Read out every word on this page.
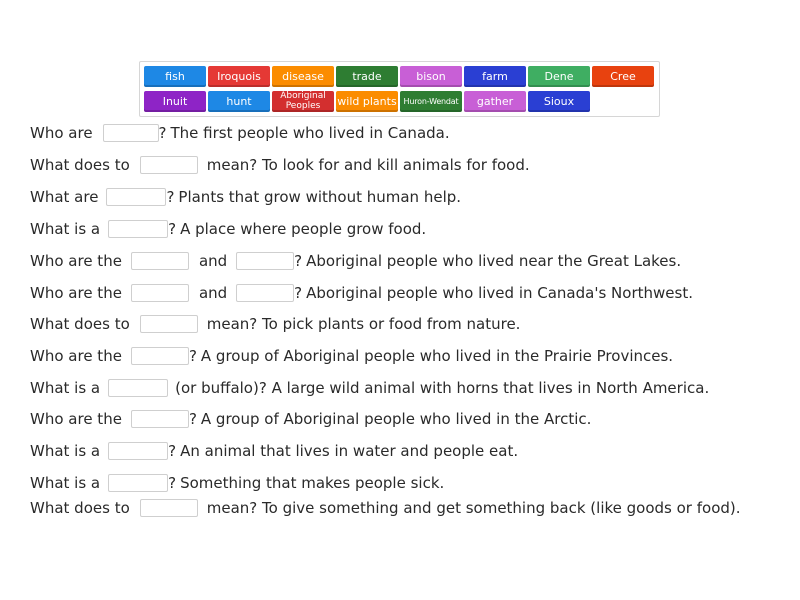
fish	Iroquois	disease	trade	bison	farm	Dene	Cree
Inuit	hunt	Aboriginal Peoples	wild plants Huron-Wendat	gather	Sioux
Who are	? The first people who lived in Canada.
What does to	mean? To look for and kill animals for food.
What are	? Plants that grow without human help.
What is a	? A place where people grow food.
Who are the	and	? Aboriginal people who lived near the Great Lakes.
Who are the	and	? Aboriginal people who lived in Canada's Northwest.
What does to	mean? To pick plants or food from nature.
Who are the	? A group of Aboriginal people who lived in the Prairie Provinces.
What is a	(or buffalo)? A large wild animal with horns that lives in North America.
Who are the	? A group of Aboriginal people who lived in the Arctic.
What is a	? An animal that lives in water and people eat.
What is a	? Something that makes people sick.
What does to	mean? To give something and get something back (like goods or food).
